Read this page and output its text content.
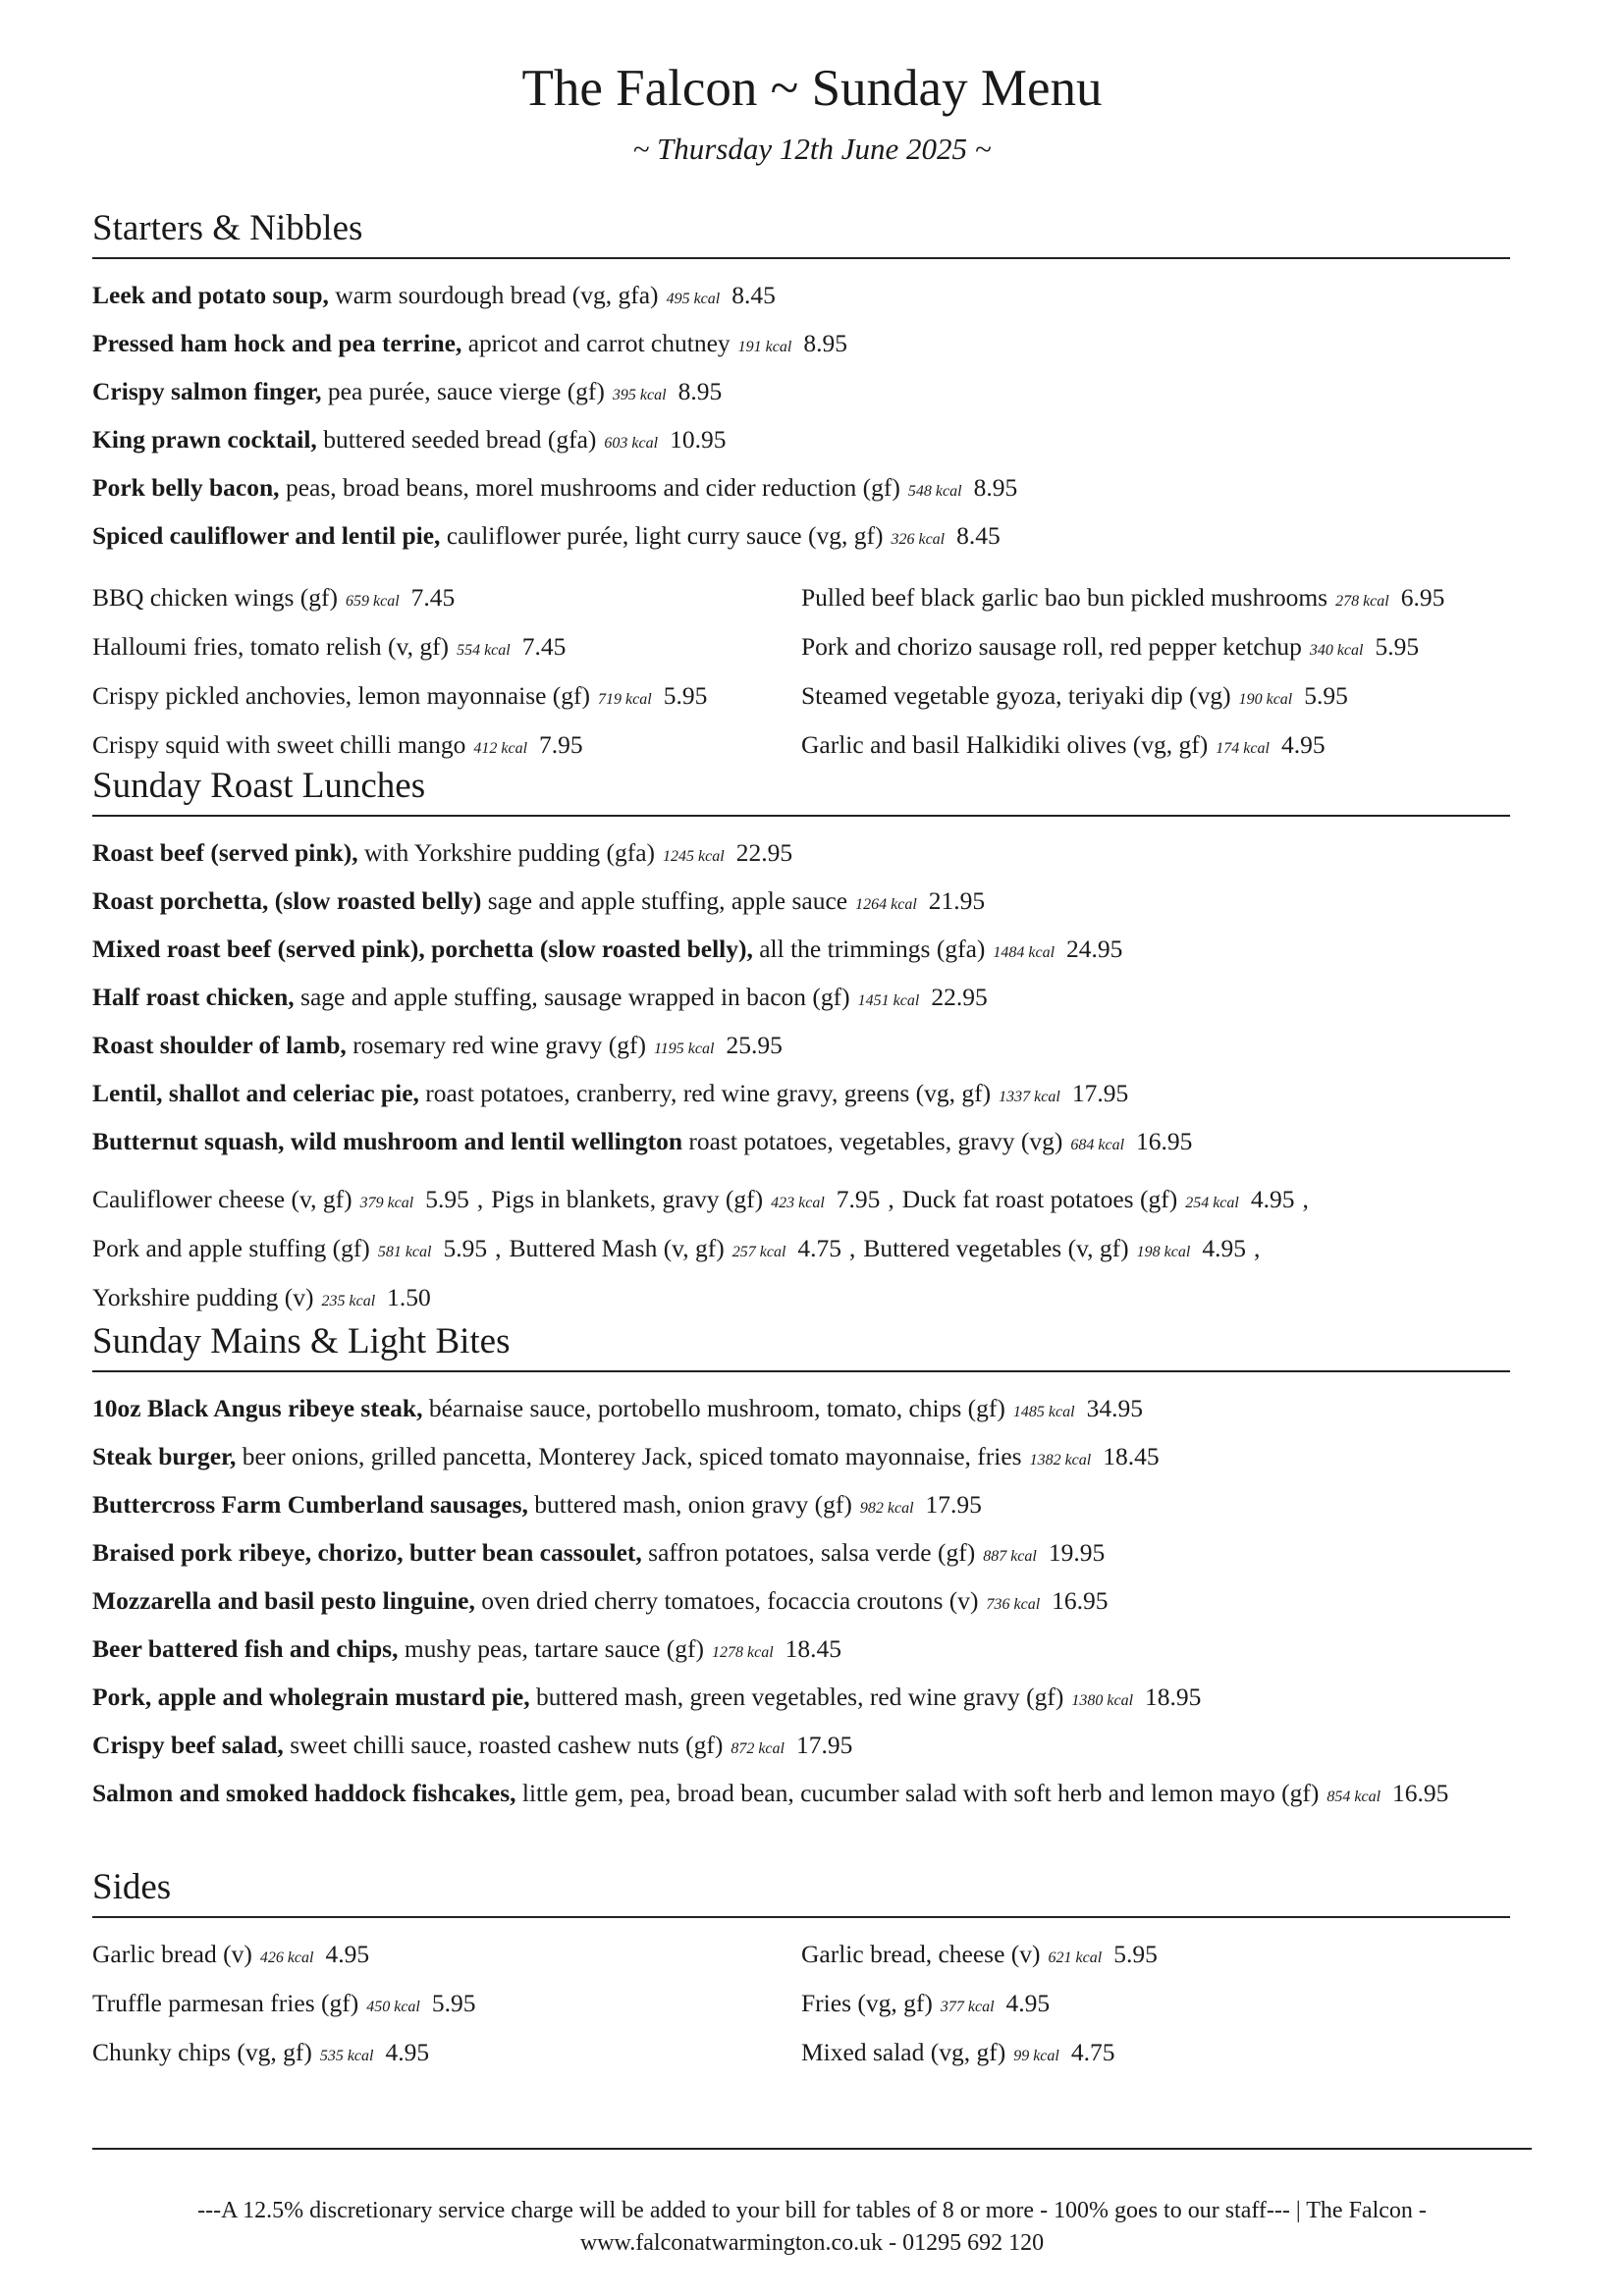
The Falcon ~ Sunday Menu
~ Thursday 12th June 2025 ~
Starters & Nibbles
Leek and potato soup, warm sourdough bread (vg, gfa) 495 kcal 8.45
Pressed ham hock and pea terrine, apricot and carrot chutney 191 kcal 8.95
Crispy salmon finger, pea purée, sauce vierge (gf) 395 kcal 8.95
King prawn cocktail, buttered seeded bread (gfa) 603 kcal 10.95
Pork belly bacon, peas, broad beans, morel mushrooms and cider reduction (gf) 548 kcal 8.95
Spiced cauliflower and lentil pie, cauliflower purée, light curry sauce (vg, gf) 326 kcal 8.45
BBQ chicken wings (gf) 659 kcal 7.45
Halloumi fries, tomato relish (v, gf) 554 kcal 7.45
Crispy pickled anchovies, lemon mayonnaise (gf) 719 kcal 5.95
Crispy squid with sweet chilli mango 412 kcal 7.95
Pulled beef black garlic bao bun pickled mushrooms 278 kcal 6.95
Pork and chorizo sausage roll, red pepper ketchup 340 kcal 5.95
Steamed vegetable gyoza, teriyaki dip (vg) 190 kcal 5.95
Garlic and basil Halkidiki olives (vg, gf) 174 kcal 4.95
Sunday Roast Lunches
Roast beef (served pink), with Yorkshire pudding (gfa) 1245 kcal 22.95
Roast porchetta, (slow roasted belly) sage and apple stuffing, apple sauce 1264 kcal 21.95
Mixed roast beef (served pink), porchetta (slow roasted belly), all the trimmings (gfa) 1484 kcal 24.95
Half roast chicken, sage and apple stuffing, sausage wrapped in bacon (gf) 1451 kcal 22.95
Roast shoulder of lamb, rosemary red wine gravy (gf) 1195 kcal 25.95
Lentil, shallot and celeriac pie, roast potatoes, cranberry, red wine gravy, greens (vg, gf) 1337 kcal 17.95
Butternut squash, wild mushroom and lentil wellington roast potatoes, vegetables, gravy (vg) 684 kcal 16.95
Cauliflower cheese (v, gf) 379 kcal 5.95 , Pigs in blankets, gravy (gf) 423 kcal 7.95 , Duck fat roast potatoes (gf) 254 kcal 4.95 ,
Pork and apple stuffing (gf) 581 kcal 5.95 , Buttered Mash (v, gf) 257 kcal 4.75 , Buttered vegetables (v, gf) 198 kcal 4.95 ,
Yorkshire pudding (v) 235 kcal 1.50
Sunday Mains & Light Bites
10oz Black Angus ribeye steak, béarnaise sauce, portobello mushroom, tomato, chips (gf) 1485 kcal 34.95
Steak burger, beer onions, grilled pancetta, Monterey Jack, spiced tomato mayonnaise, fries 1382 kcal 18.45
Buttercross Farm Cumberland sausages, buttered mash, onion gravy (gf) 982 kcal 17.95
Braised pork ribeye, chorizo, butter bean cassoulet, saffron potatoes, salsa verde (gf) 887 kcal 19.95
Mozzarella and basil pesto linguine, oven dried cherry tomatoes, focaccia croutons (v) 736 kcal 16.95
Beer battered fish and chips, mushy peas, tartare sauce (gf) 1278 kcal 18.45
Pork, apple and wholegrain mustard pie, buttered mash, green vegetables, red wine gravy (gf) 1380 kcal 18.95
Crispy beef salad, sweet chilli sauce, roasted cashew nuts (gf) 872 kcal 17.95
Salmon and smoked haddock fishcakes, little gem, pea, broad bean, cucumber salad with soft herb and lemon mayo (gf) 854 kcal 16.95
Sides
Garlic bread (v) 426 kcal 4.95
Truffle parmesan fries (gf) 450 kcal 5.95
Chunky chips (vg, gf) 535 kcal 4.95
Garlic bread, cheese (v) 621 kcal 5.95
Fries (vg, gf) 377 kcal 4.95
Mixed salad (vg, gf) 99 kcal 4.75
---A 12.5% discretionary service charge will be added to your bill for tables of 8 or more - 100% goes to our staff--- | The Falcon -
www.falconatwarmington.co.uk - 01295 692 120
